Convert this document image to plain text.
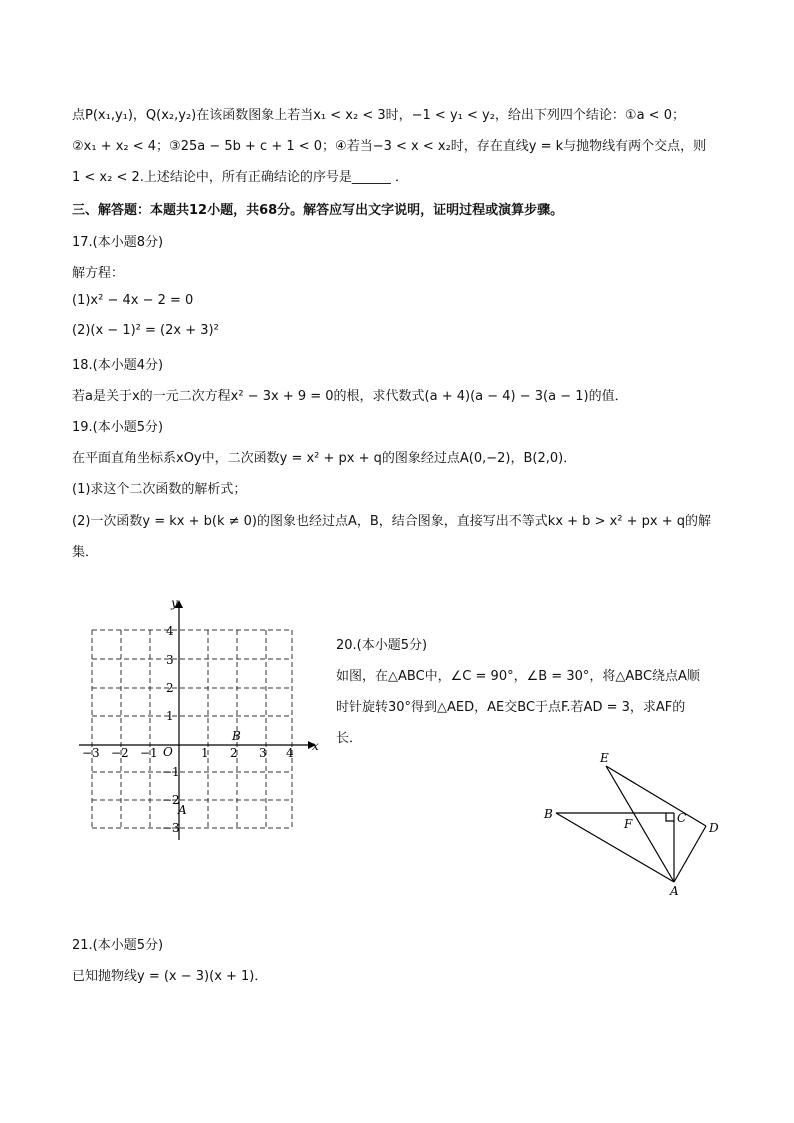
点P(x₁,y₁)，Q(x₂,y₂)在该函数图象上若当x₁ < x₂ < 3时，−1 < y₁ < y₂，给出下列四个结论：①a < 0；
②x₁ + x₂ < 4；③25a − 5b + c + 1 < 0；④若当−3 < x < x₂时，存在直线y = k与抛物线有两个交点，则
1 < x₂ < 2.上述结论中，所有正确结论的序号是______ ．
三、解答题：本题共12小题，共68分。解答应写出文字说明，证明过程或演算步骤。
17.(本小题8分)
解方程：
(1)x² − 4x − 2 = 0
(2)(x − 1)² = (2x + 3)²
18.(本小题4分)
若a是关于x的一元二次方程x² − 3x + 9 = 0的根，求代数式(a + 4)(a − 4) − 3(a − 1)的值．
19.(本小题5分)
在平面直角坐标系xOy中，二次函数y = x² + px + q的图象经过点A(0,−2)，B(2,0)．
(1)求这个二次函数的解析式；
(2)一次函数y = kx + b(k ≠ 0)的图象也经过点A，B，结合图象，直接写出不等式kx + b > x² + px + q的解
集．
x
y
O
−3 −2 −1	1 2 3 4
4
3
2
1
−1
−2
−3
B
A
20.(本小题5分)
如图，在△ABC中，∠C = 90°，∠B = 30°，将△ABC绕点A顺
时针旋转30°得到△AED，AE交BC于点F.若AD = 3，求AF的
长．
E
B
F	C
D
A
21.(本小题5分)
已知抛物线y = (x − 3)(x + 1)．
